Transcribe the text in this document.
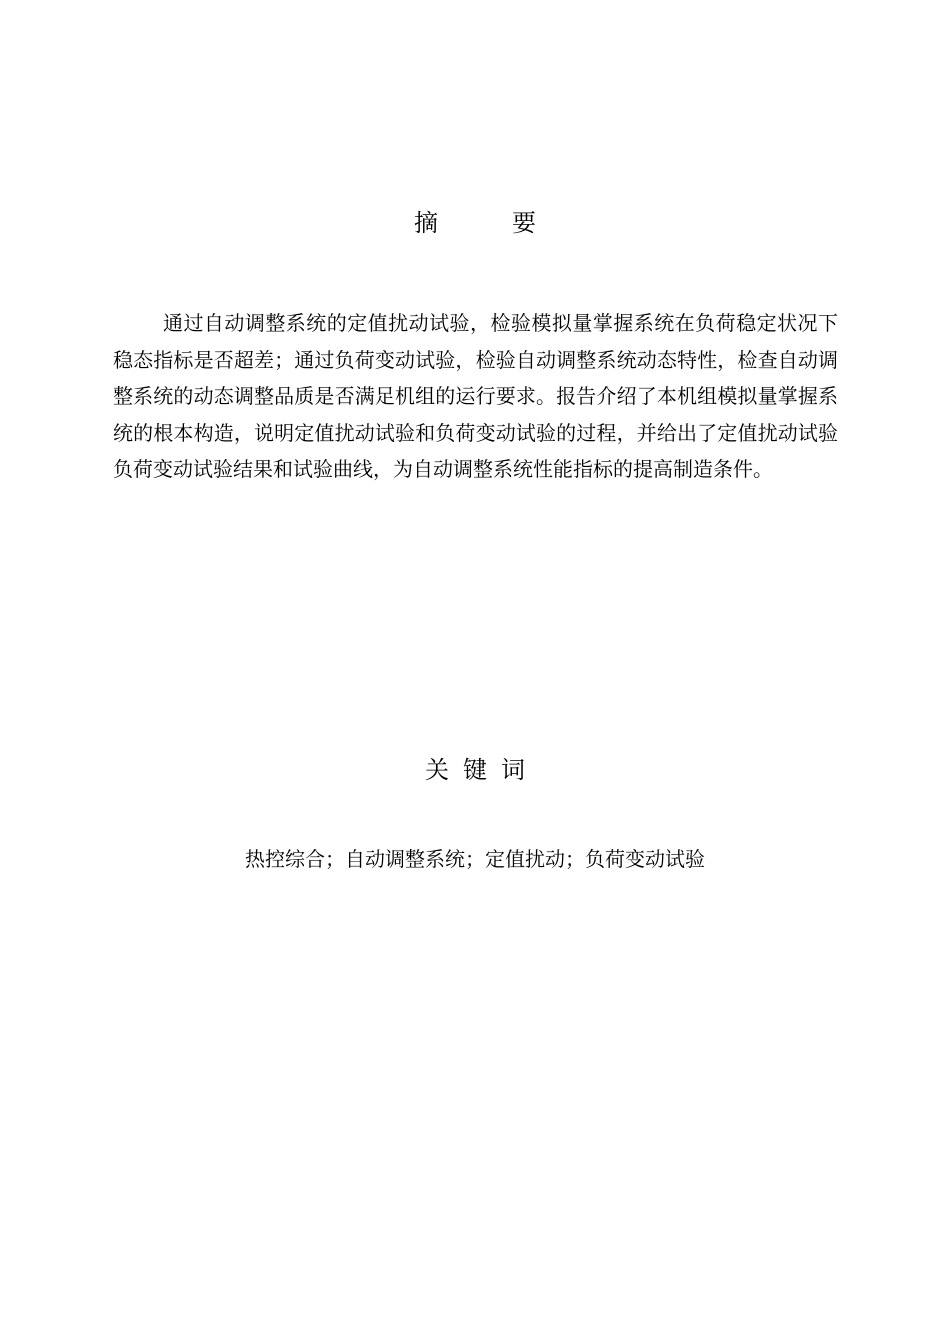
摘	要

通过自动调整系统的定值扰动试验，检验模拟量掌握系统在负荷稳定状况下稳态指标是否超差；通过负荷变动试验，检验自动调整系统动态特性，检查自动调整系统的动态调整品质是否满足机组的运行要求。报告介绍了本机组模拟量掌握系统的根本构造，说明定值扰动试验和负荷变动试验的过程，并给出了定值扰动试验负荷变动试验结果和试验曲线，为自动调整系统性能指标的提高制造条件。

关键词

热控综合；自动调整系统；定值扰动；负荷变动试验
